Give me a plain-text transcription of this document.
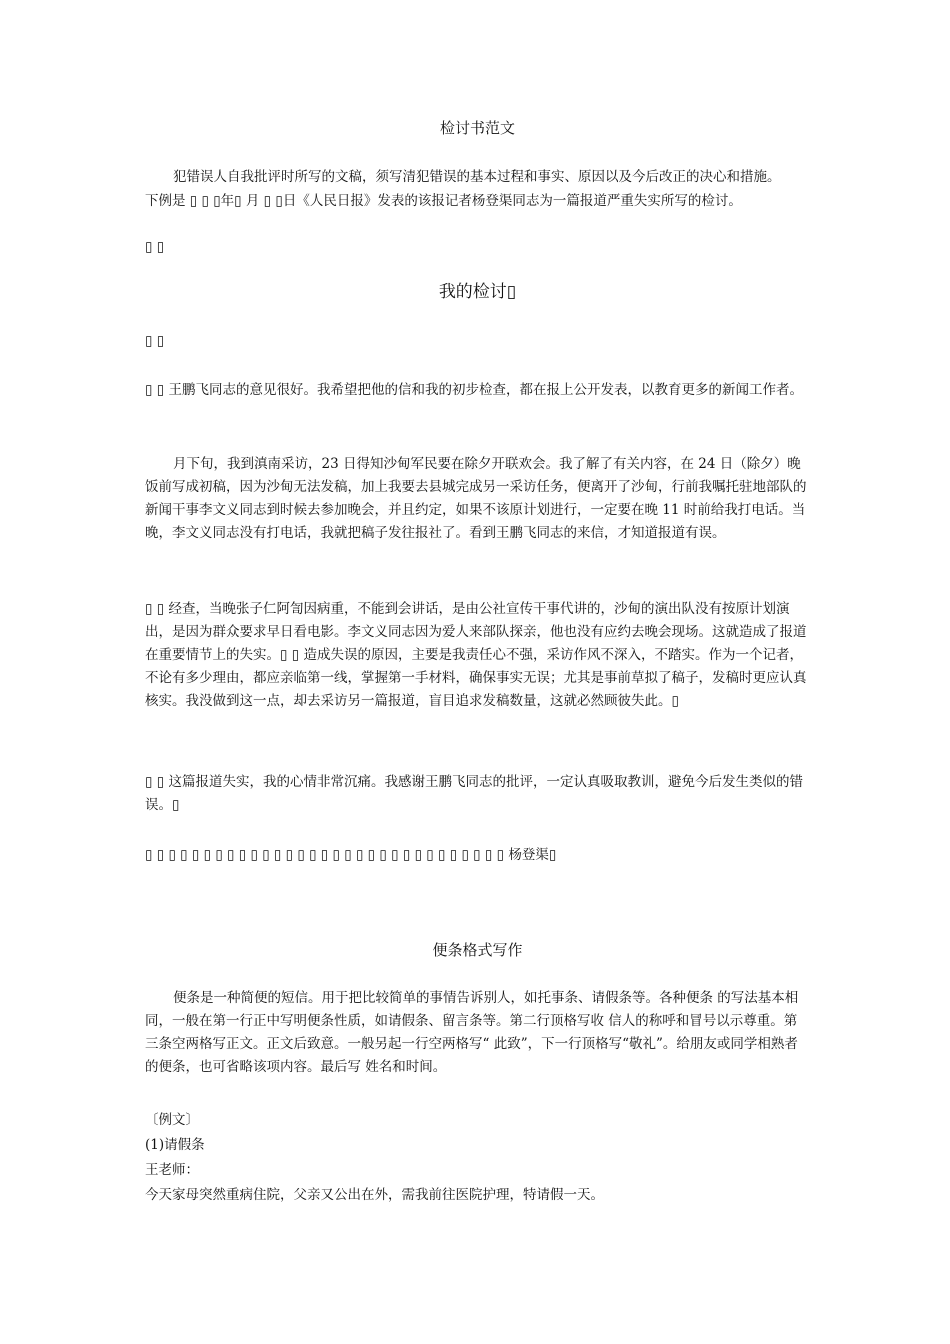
检讨书范文

犯错误人自我批评时所写的文稿，须写清犯错误的基本过程和事实、原因以及今后改正的决心和措施。

下例是 ▯ ▯ ▯年▯ 月 ▯ ▯日《人民日报》发表的该报记者杨登渠同志为一篇报道严重失实所写的检讨。

▯ ▯

我的检讨▯

▯ ▯

▯ ▯ 王鹏飞同志的意见很好。我希望把他的信和我的初步检查，都在报上公开发表，以教育更多的新闻工作者。

月下旬，我到滇南采访，23 日得知沙甸军民要在除夕开联欢会。我了解了有关内容，在 24 日（除夕）晚饭前写成初稿，因为沙甸无法发稿，加上我要去县城完成另一采访任务，便离开了沙甸，行前我嘱托驻地部队的新闻干事李文义同志到时候去参加晚会，并且约定，如果不该原计划进行，一定要在晚 11 时前给我打电话。当晚，李文义同志没有打电话，我就把稿子发往报社了。看到王鹏飞同志的来信，才知道报道有误。

▯ ▯ 经查，当晚张子仁阿訇因病重，不能到会讲话，是由公社宣传干事代讲的，沙甸的演出队没有按原计划演出，是因为群众要求早日看电影。李文义同志因为爱人来部队探亲，他也没有应约去晚会现场。这就造成了报道在重要情节上的失实。▯ ▯ 造成失误的原因，主要是我责任心不强，采访作风不深入，不踏实。作为一个记者，不论有多少理由，都应亲临第一线，掌握第一手材料，确保事实无误；尤其是事前草拟了稿子，发稿时更应认真核实。我没做到这一点，却去采访另一篇报道，盲目追求发稿数量，这就必然顾彼失此。▯

▯ ▯ 这篇报道失实，我的心情非常沉痛。我感谢王鹏飞同志的批评，一定认真吸取教训，避免今后发生类似的错误。▯

▯ ▯ ▯ ▯ ▯ ▯ ▯ ▯ ▯ ▯ ▯ ▯ ▯ ▯ ▯ ▯ ▯ ▯ ▯ ▯ ▯ ▯ ▯ ▯ ▯ ▯ ▯ ▯ ▯ ▯ ▯ 杨登渠▯

便条格式写作

便条是一种简便的短信。用于把比较简单的事情告诉别人，如托事条、请假条等。各种便条 的写法基本相同，一般在第一行正中写明便条性质，如请假条、留言条等。第二行顶格写收 信人的称呼和冒号以示尊重。第三条空两格写正文。正文后致意。一般另起一行空两格写“ 此致”，下一行顶格写“敬礼”。给朋友或同学相熟者的便条，也可省略该项内容。最后写 姓名和时间。

〔例文〕

(1)请假条

王老师：

今天家母突然重病住院，父亲又公出在外，需我前往医院护理，特请假一天。
